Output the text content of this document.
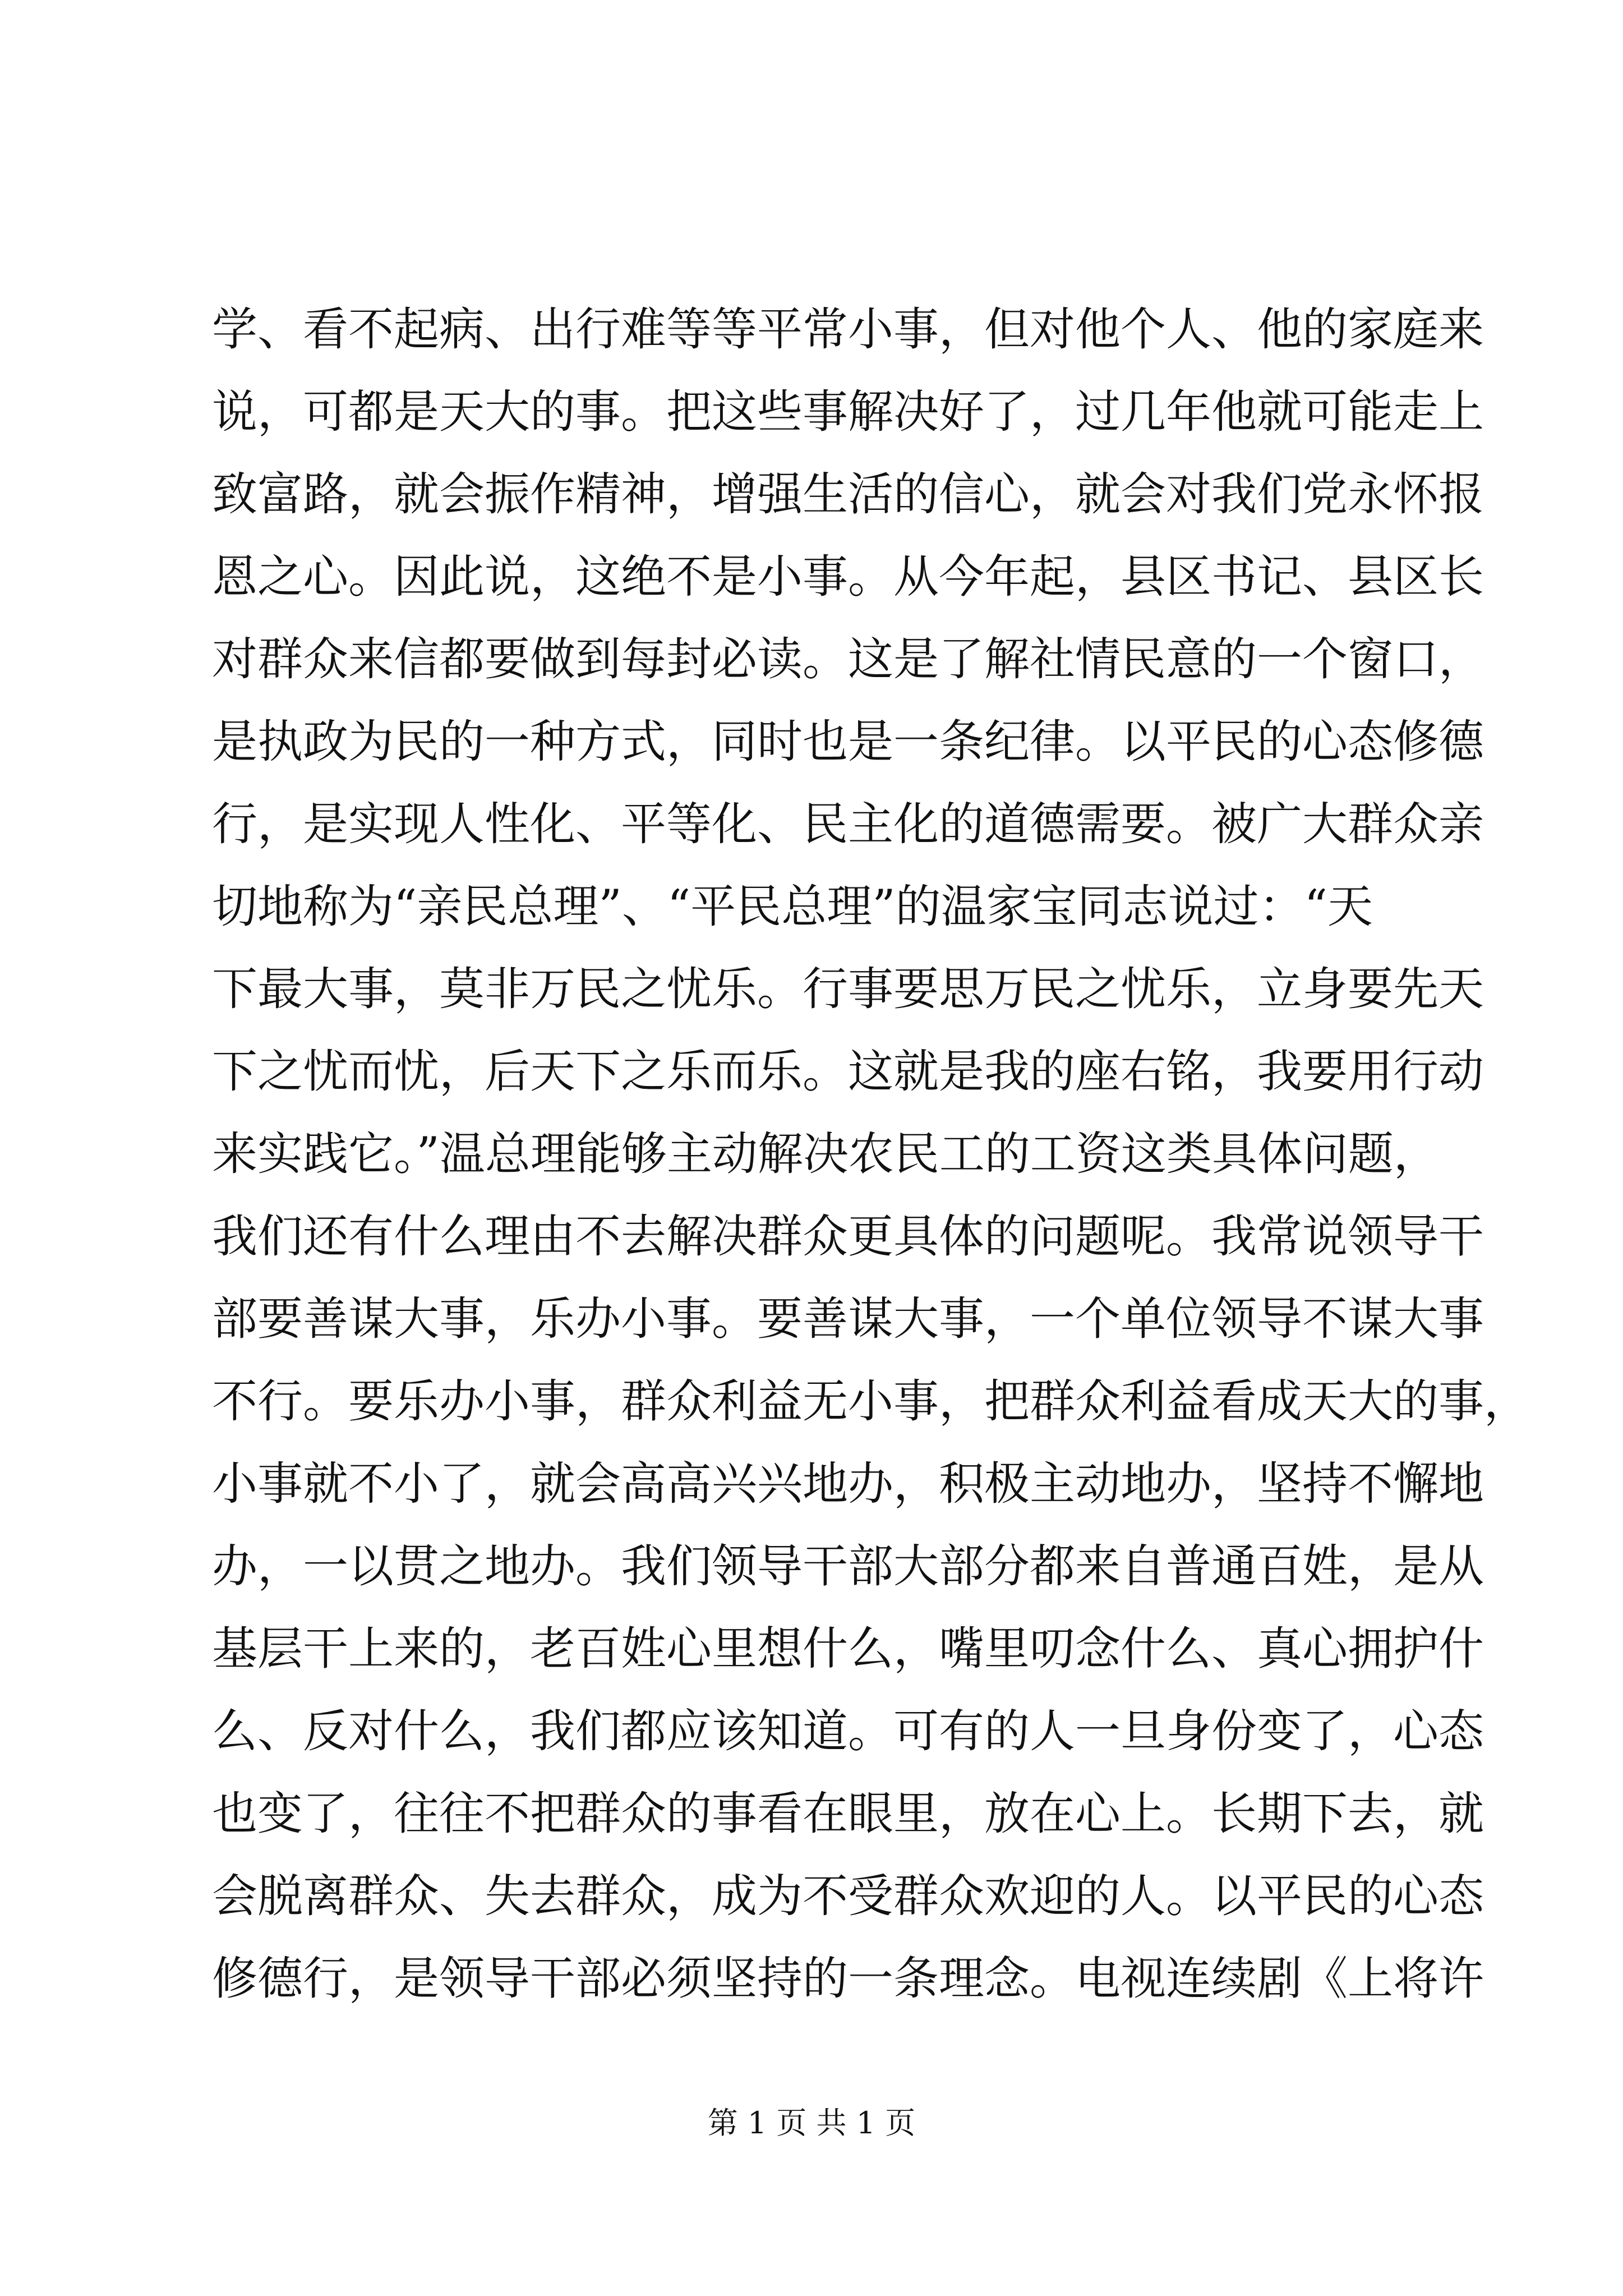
学、看不起病、出行难等等平常小事，但对他个人、他的家庭来
说，可都是天大的事。把这些事解决好了，过几年他就可能走上
致富路，就会振作精神，增强生活的信心，就会对我们党永怀报
恩之心。因此说，这绝不是小事。从今年起，县区书记、县区长
对群众来信都要做到每封必读。这是了解社情民意的一个窗口，
是执政为民的一种方式，同时也是一条纪律。以平民的心态修德
行，是实现人性化、平等化、民主化的道德需要。被广大群众亲
切地称为“亲民总理”、“平民总理”的温家宝同志说过：“天
下最大事，莫非万民之忧乐。行事要思万民之忧乐，立身要先天
下之忧而忧，后天下之乐而乐。这就是我的座右铭，我要用行动
来实践它。”温总理能够主动解决农民工的工资这类具体问题，
我们还有什么理由不去解决群众更具体的问题呢。我常说领导干
部要善谋大事，乐办小事。要善谋大事，一个单位领导不谋大事
不行。要乐办小事，群众利益无小事，把群众利益看成天大的事，
小事就不小了，就会高高兴兴地办，积极主动地办，坚持不懈地
办，一以贯之地办。我们领导干部大部分都来自普通百姓，是从
基层干上来的，老百姓心里想什么，嘴里叨念什么、真心拥护什
么、反对什么，我们都应该知道。可有的人一旦身份变了，心态
也变了，往往不把群众的事看在眼里，放在心上。长期下去，就
会脱离群众、失去群众，成为不受群众欢迎的人。以平民的心态
修德行，是领导干部必须坚持的一条理念。电视连续剧《上将许
第 1 页 共 1 页
